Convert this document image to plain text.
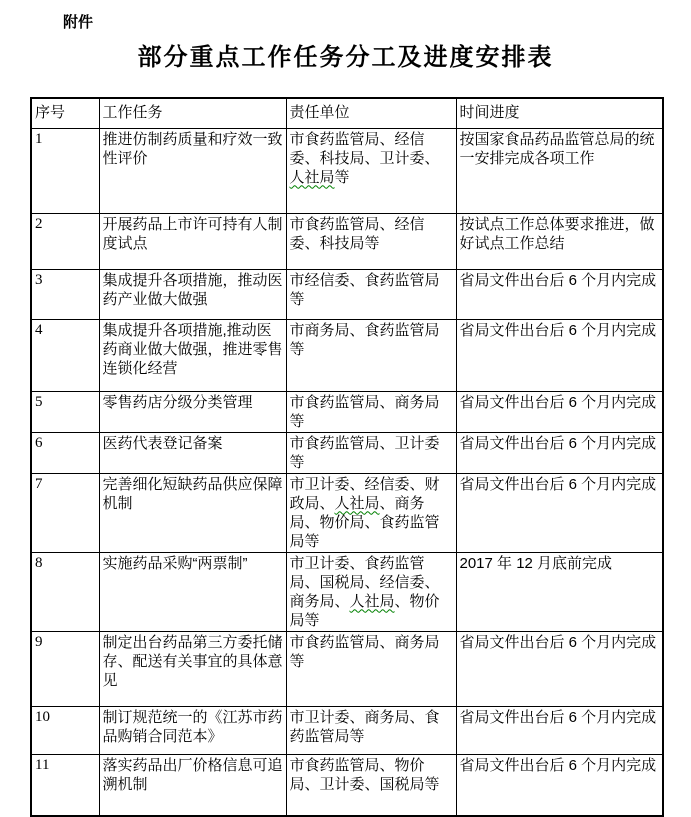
附件
部分重点工作任务分工及进度安排表
序号	工作任务	责任单位	时间进度
1	推进仿制药质量和疗效一致性评价	市食药监管局、经信委、科技局、卫计委、人社局等	按国家食品药品监管总局的统一安排完成各项工作
2	开展药品上市许可持有人制度试点	市食药监管局、经信委、科技局等	按试点工作总体要求推进，做好试点工作总结
3	集成提升各项措施，推动医药产业做大做强	市经信委、食药监管局等	省局文件出台后 6 个月内完成
4	集成提升各项措施,推动医药商业做大做强，推进零售连锁化经营	市商务局、食药监管局等	省局文件出台后 6 个月内完成
5	零售药店分级分类管理	市食药监管局、商务局等	省局文件出台后 6 个月内完成
6	医药代表登记备案	市食药监管局、卫计委等	省局文件出台后 6 个月内完成
7	完善细化短缺药品供应保障机制	市卫计委、经信委、财政局、人社局、商务局、物价局、食药监管局等	省局文件出台后 6 个月内完成
8	实施药品采购“两票制”	市卫计委、食药监管局、国税局、经信委、商务局、人社局、物价局等	2017 年 12 月底前完成
9	制定出台药品第三方委托储存、配送有关事宜的具体意见	市食药监管局、商务局等	省局文件出台后 6 个月内完成
10	制订规范统一的《江苏市药品购销合同范本》	市卫计委、商务局、食药监管局等	省局文件出台后 6 个月内完成
11	落实药品出厂价格信息可追溯机制	市食药监管局、物价局、卫计委、国税局等	省局文件出台后 6 个月内完成
